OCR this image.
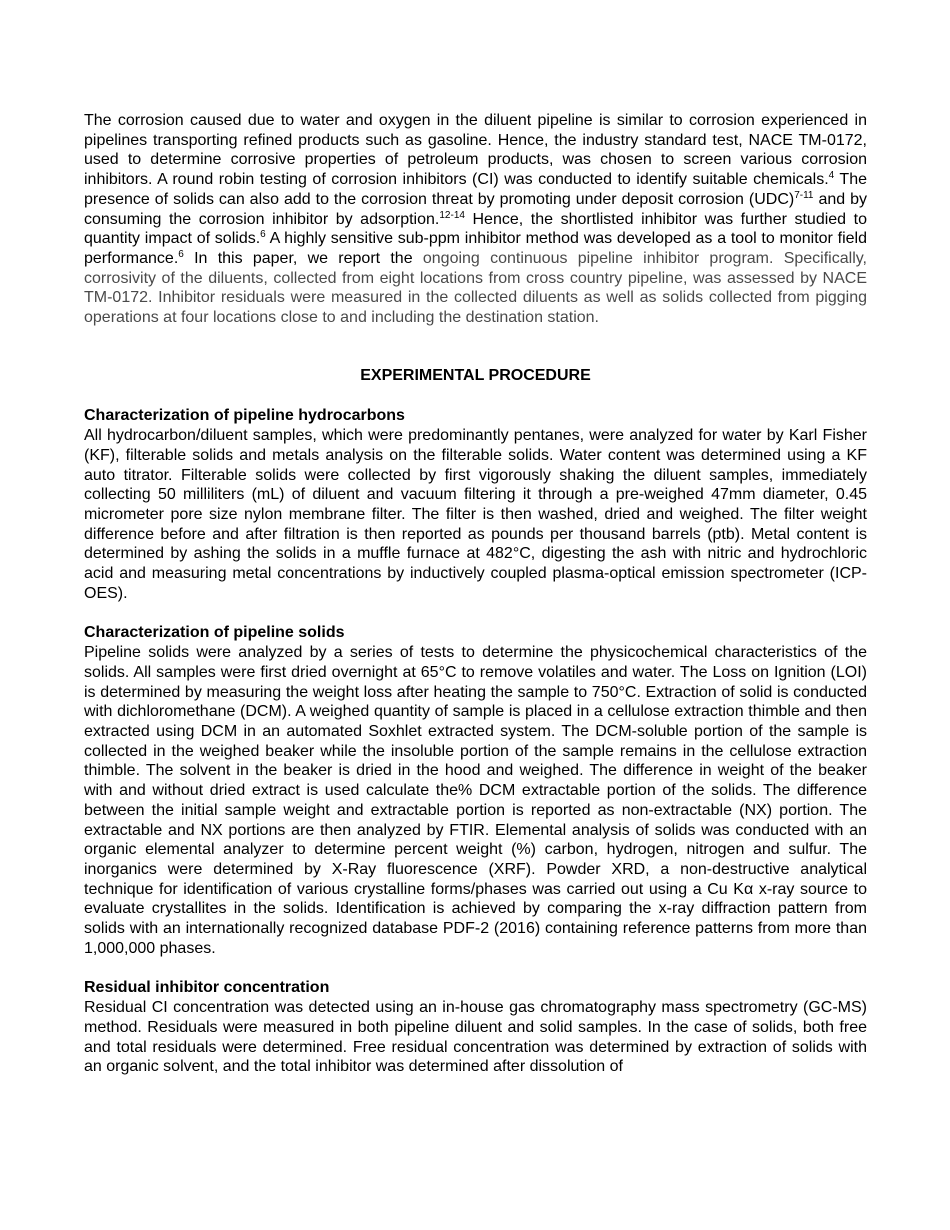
The corrosion caused due to water and oxygen in the diluent pipeline is similar to corrosion experienced in pipelines transporting refined products such as gasoline. Hence, the industry standard test, NACE TM-0172, used to determine corrosive properties of petroleum products, was chosen to screen various corrosion inhibitors. A round robin testing of corrosion inhibitors (CI) was conducted to identify suitable chemicals.$^4$ The presence of solids can also add to the corrosion threat by promoting under deposit corrosion (UDC)$^{7-11}$ and by consuming the corrosion inhibitor by adsorption.$^{12-14}$ Hence, the shortlisted inhibitor was further studied to quantity impact of solids.$^6$ A highly sensitive sub-ppm inhibitor method was developed as a tool to monitor field performance.$^6$ In this paper, we report the ongoing continuous pipeline inhibitor program. Specifically, corrosivity of the diluents, collected from eight locations from cross country pipeline, was assessed by NACE TM-0172. Inhibitor residuals were measured in the collected diluents as well as solids collected from pigging operations at four locations close to and including the destination station.

EXPERIMENTAL PROCEDURE

Characterization of pipeline hydrocarbons

All hydrocarbon/diluent samples, which were predominantly pentanes, were analyzed for water by Karl Fisher (KF), filterable solids and metals analysis on the filterable solids. Water content was determined using a KF auto titrator. Filterable solids were collected by first vigorously shaking the diluent samples, immediately collecting 50 milliliters (mL) of diluent and vacuum filtering it through a pre-weighed 47mm diameter, 0.45 micrometer pore size nylon membrane filter. The filter is then washed, dried and weighed. The filter weight difference before and after filtration is then reported as pounds per thousand barrels (ptb). Metal content is determined by ashing the solids in a muffle furnace at 482°C, digesting the ash with nitric and hydrochloric acid and measuring metal concentrations by inductively coupled plasma-optical emission spectrometer (ICP-OES).

Characterization of pipeline solids

Pipeline solids were analyzed by a series of tests to determine the physicochemical characteristics of the solids. All samples were first dried overnight at 65°C to remove volatiles and water. The Loss on Ignition (LOI) is determined by measuring the weight loss after heating the sample to 750°C. Extraction of solid is conducted with dichloromethane (DCM). A weighed quantity of sample is placed in a cellulose extraction thimble and then extracted using DCM in an automated Soxhlet extracted system. The DCM-soluble portion of the sample is collected in the weighed beaker while the insoluble portion of the sample remains in the cellulose extraction thimble. The solvent in the beaker is dried in the hood and weighed. The difference in weight of the beaker with and without dried extract is used calculate the% DCM extractable portion of the solids. The difference between the initial sample weight and extractable portion is reported as non-extractable (NX) portion. The extractable and NX portions are then analyzed by FTIR. Elemental analysis of solids was conducted with an organic elemental analyzer to determine percent weight (%) carbon, hydrogen, nitrogen and sulfur. The inorganics were determined by X-Ray fluorescence (XRF). Powder XRD, a non-destructive analytical technique for identification of various crystalline forms/phases was carried out using a Cu Kα x-ray source to evaluate crystallites in the solids. Identification is achieved by comparing the x-ray diffraction pattern from solids with an internationally recognized database PDF-2 (2016) containing reference patterns from more than 1,000,000 phases.

Residual inhibitor concentration

Residual CI concentration was detected using an in-house gas chromatography mass spectrometry (GC-MS) method. Residuals were measured in both pipeline diluent and solid samples. In the case of solids, both free and total residuals were determined. Free residual concentration was determined by extraction of solids with an organic solvent, and the total inhibitor was determined after dissolution of
